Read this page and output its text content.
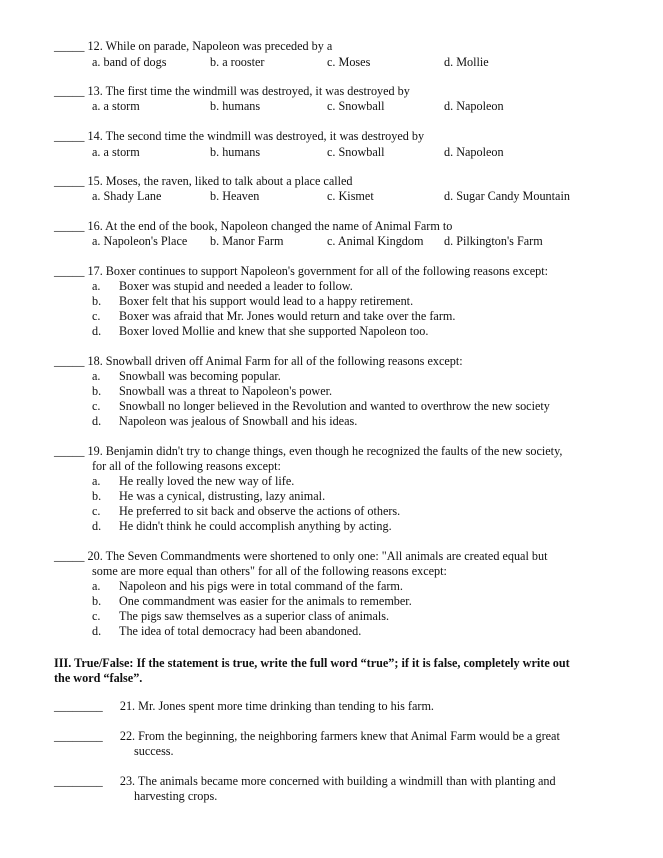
_____ 12. While on parade, Napoleon was preceded by a
a. band of dogs	b. a rooster	c. Moses	d. Mollie
_____ 13. The first time the windmill was destroyed, it was destroyed by
a. a storm	b. humans	c. Snowball	d. Napoleon
_____ 14. The second time the windmill was destroyed, it was destroyed by
a. a storm	b. humans	c. Snowball	d. Napoleon
_____ 15. Moses, the raven, liked to talk about a place called
a. Shady Lane	b. Heaven	c. Kismet	d. Sugar Candy Mountain
_____ 16. At the end of the book, Napoleon changed the name of Animal Farm to
a. Napoleon's Place b. Manor Farm	c. Animal Kingdom d. Pilkington's Farm
_____ 17. Boxer continues to support Napoleon's government for all of the following reasons except:
a. Boxer was stupid and needed a leader to follow.
b. Boxer felt that his support would lead to a happy retirement.
c. Boxer was afraid that Mr. Jones would return and take over the farm.
d. Boxer loved Mollie and knew that she supported Napoleon too.
_____ 18. Snowball driven off Animal Farm for all of the following reasons except:
a. Snowball was becoming popular.
b. Snowball was a threat to Napoleon's power.
c. Snowball no longer believed in the Revolution and wanted to overthrow the new society
d. Napoleon was jealous of Snowball and his ideas.
_____ 19. Benjamin didn't try to change things, even though he recognized the faults of the new society,
for all of the following reasons except:
a. He really loved the new way of life.
b. He was a cynical, distrusting, lazy animal.
c. He preferred to sit back and observe the actions of others.
d. He didn't think he could accomplish anything by acting.
_____ 20. The Seven Commandments were shortened to only one: "All animals are created equal but
some are more equal than others" for all of the following reasons except:
a. Napoleon and his pigs were in total command of the farm.
b. One commandment was easier for the animals to remember.
c. The pigs saw themselves as a superior class of animals.
d. The idea of total democracy had been abandoned.
III. True/False: If the statement is true, write the full word “true”; if it is false, completely write out
the word “false”.
________ 21. Mr. Jones spent more time drinking than tending to his farm.
________ 22. From the beginning, the neighboring farmers knew that Animal Farm would be a great
success.
________ 23. The animals became more concerned with building a windmill than with planting and
harvesting crops.
